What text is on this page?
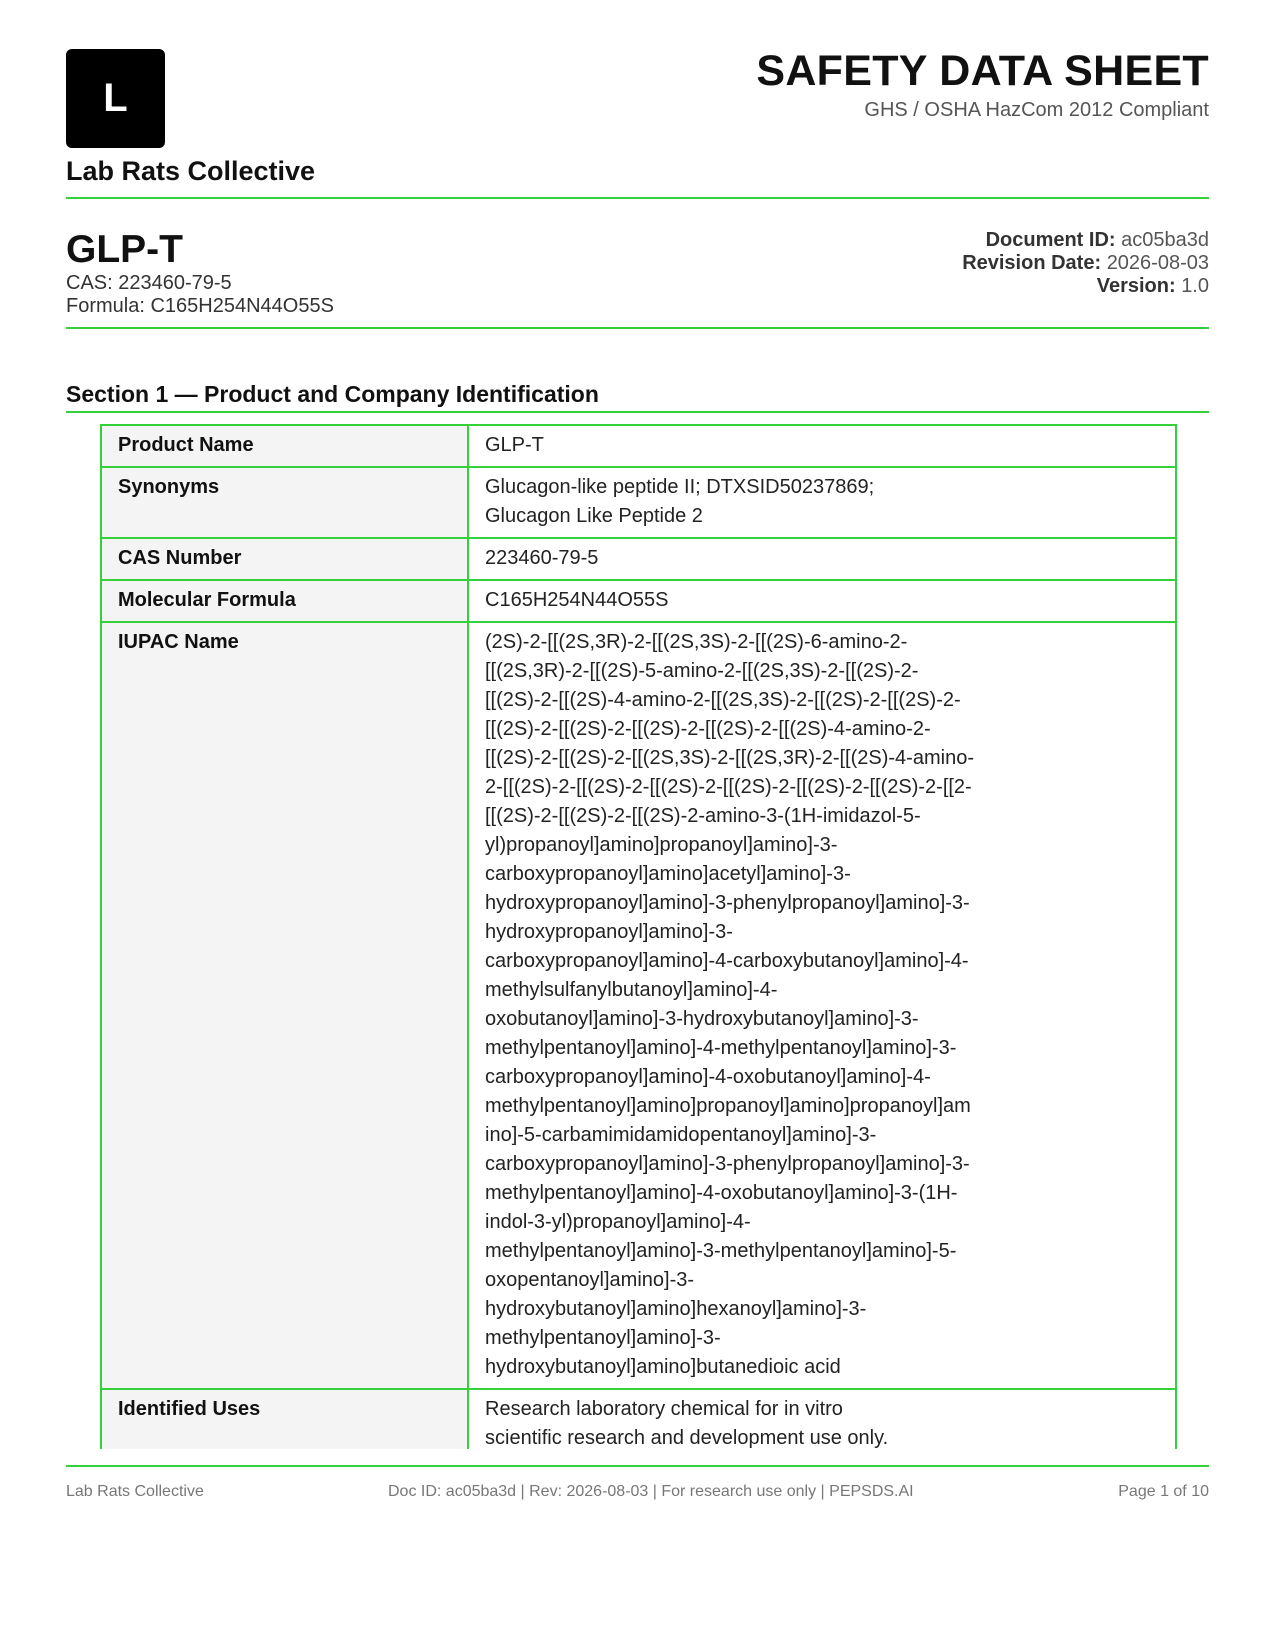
L
Lab Rats Collective
SAFETY DATA SHEET
GHS / OSHA HazCom 2012 Compliant
GLP-T
CAS: 223460-79-5
Formula: C165H254N44O55S
Document ID: ac05ba3d
Revision Date: 2026-08-03
Version: 1.0
Section 1 — Product and Company Identification
Product Name	GLP-T
Synonyms	Glucagon-like peptide II; DTXSID50237869; Glucagon Like Peptide 2

CAS Number	223460-79-5
Molecular Formula	C165H254N44O55S
IUPAC Name	(2S)-2-[[(2S,3R)-2-[[(2S,3S)-2-[[(2S)-6-amino-2-[[(2S,3R)-2-[[(2S)-5-amino-2-[[(2S,3S)-2-[[(2S)-2-[[(2S)-2-[[(2S)-4-amino-2-[[(2S,3S)-2-[[(2S)-2-[[(2S)-2-[[(2S)-2-[[(2S)-2-[[(2S)-2-[[(2S)-2-[[(2S)-4-amino-2-[[(2S)-2-[[(2S)-2-[[(2S,3S)-2-[[(2S,3R)-2-[[(2S)-4-amino-2-[[(2S)-2-[[(2S)-2-[[(2S)-2-[[(2S)-2-[[(2S)-2-[[(2S)-2-[[2-[[(2S)-2-[[(2S)-2-[[(2S)-2-amino-3-(1H-imidazol-5-yl)propanoyl]amino]propanoyl]amino]-3-carboxypropanoyl]amino]acetyl]amino]-3-hydroxypropanoyl]amino]-3-phenylpropanoyl]amino]-3-hydroxypropanoyl]amino]-3-carboxypropanoyl]amino]-4-carboxybutanoyl]amino]-4-methylsulfanylbutanoyl]amino]-4-oxobutanoyl]amino]-3-hydroxybutanoyl]amino]-3-methylpentanoyl]amino]-4-methylpentanoyl]amino]-3-carboxypropanoyl]amino]-4-oxobutanoyl]amino]-4-methylpentanoyl]amino]propanoyl]amino]propanoyl]amino]-5-carbamimidamidopentanoyl]amino]-3-carboxypropanoyl]amino]-3-phenylpropanoyl]amino]-3-methylpentanoyl]amino]-4-oxobutanoyl]amino]-3-(1H-indol-3-yl)propanoyl]amino]-4-methylpentanoyl]amino]-3-methylpentanoyl]amino]-5-oxopentanoyl]amino]-3-hydroxybutanoyl]amino]hexanoyl]amino]-3-methylpentanoyl]amino]-3-hydroxybutanoyl]amino]butanedioic acid

Identified Uses	Research laboratory chemical for in vitro scientific research and development use only.

Lab Rats Collective	Doc ID: ac05ba3d | Rev: 2026-08-03 | For research use only | PEPSDS.AI	Page 1 of 10
